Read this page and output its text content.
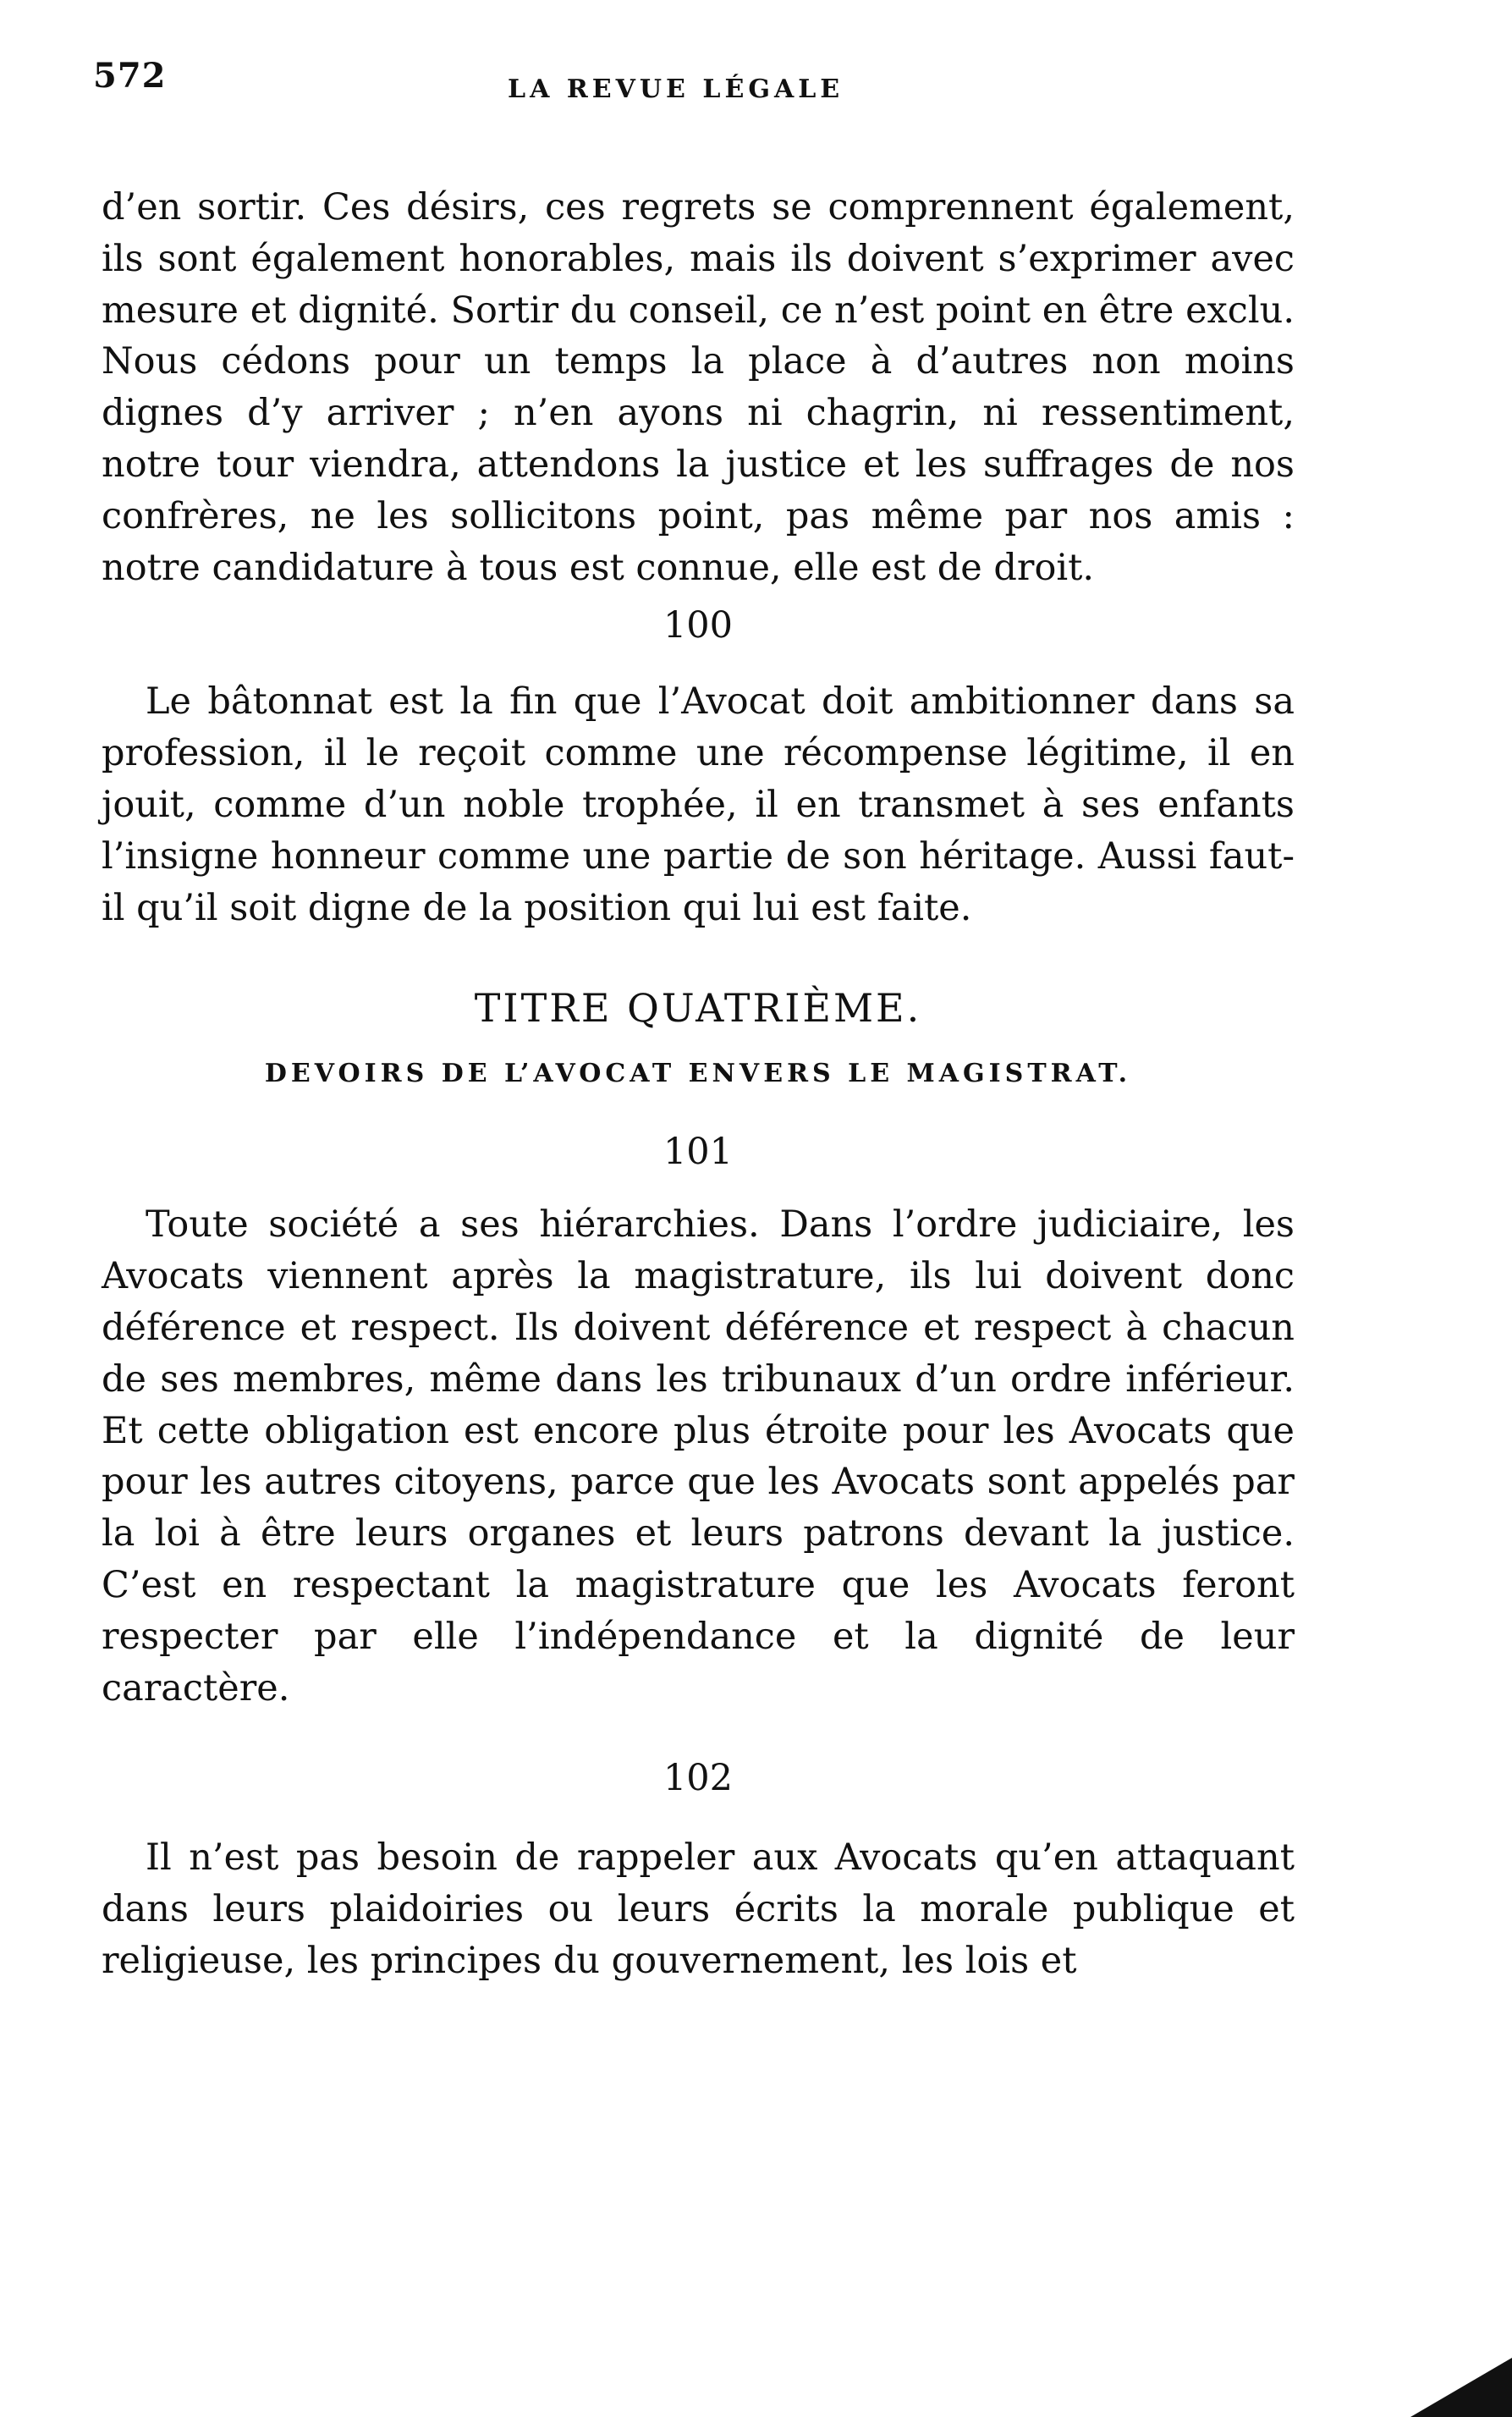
572	LA REVUE LÉGALE

d’en sortir. Ces désirs, ces regrets se comprennent également, ils sont également honorables, mais ils doivent s’exprimer avec mesure et dignité. Sortir du conseil, ce n’est point en être exclu. Nous cédons pour un temps la place à d’autres non moins dignes d’y arriver ; n’en ayons ni chagrin, ni ressentiment, notre tour viendra, attendons la justice et les suffrages de nos confrères, ne les sollicitons point, pas même par nos amis : notre candidature à tous est connue, elle est de droit.

100

Le bâtonnat est la fin que l’Avocat doit ambitionner dans sa profession, il le reçoit comme une récompense légitime, il en jouit, comme d’un noble trophée, il en transmet à ses enfants l’insigne honneur comme une partie de son héritage. Aussi faut-il qu’il soit digne de la position qui lui est faite.

TITRE QUATRIÈME.
DEVOIRS DE L’AVOCAT ENVERS LE MAGISTRAT.
101

Toute société a ses hiérarchies. Dans l’ordre judiciaire, les Avocats viennent après la magistrature, ils lui doivent donc déférence et respect. Ils doivent déférence et respect à chacun de ses membres, même dans les tribunaux d’un ordre inférieur. Et cette obligation est encore plus étroite pour les Avocats que pour les autres citoyens, parce que les Avocats sont appelés par la loi à être leurs organes et leurs patrons devant la justice. C’est en respectant la magistrature que les Avocats feront respecter par elle l’indépendance et la dignité de leur caractère.

102

Il n’est pas besoin de rappeler aux Avocats qu’en attaquant dans leurs plaidoiries ou leurs écrits la morale publique et religieuse, les principes du gouvernement, les lois et
